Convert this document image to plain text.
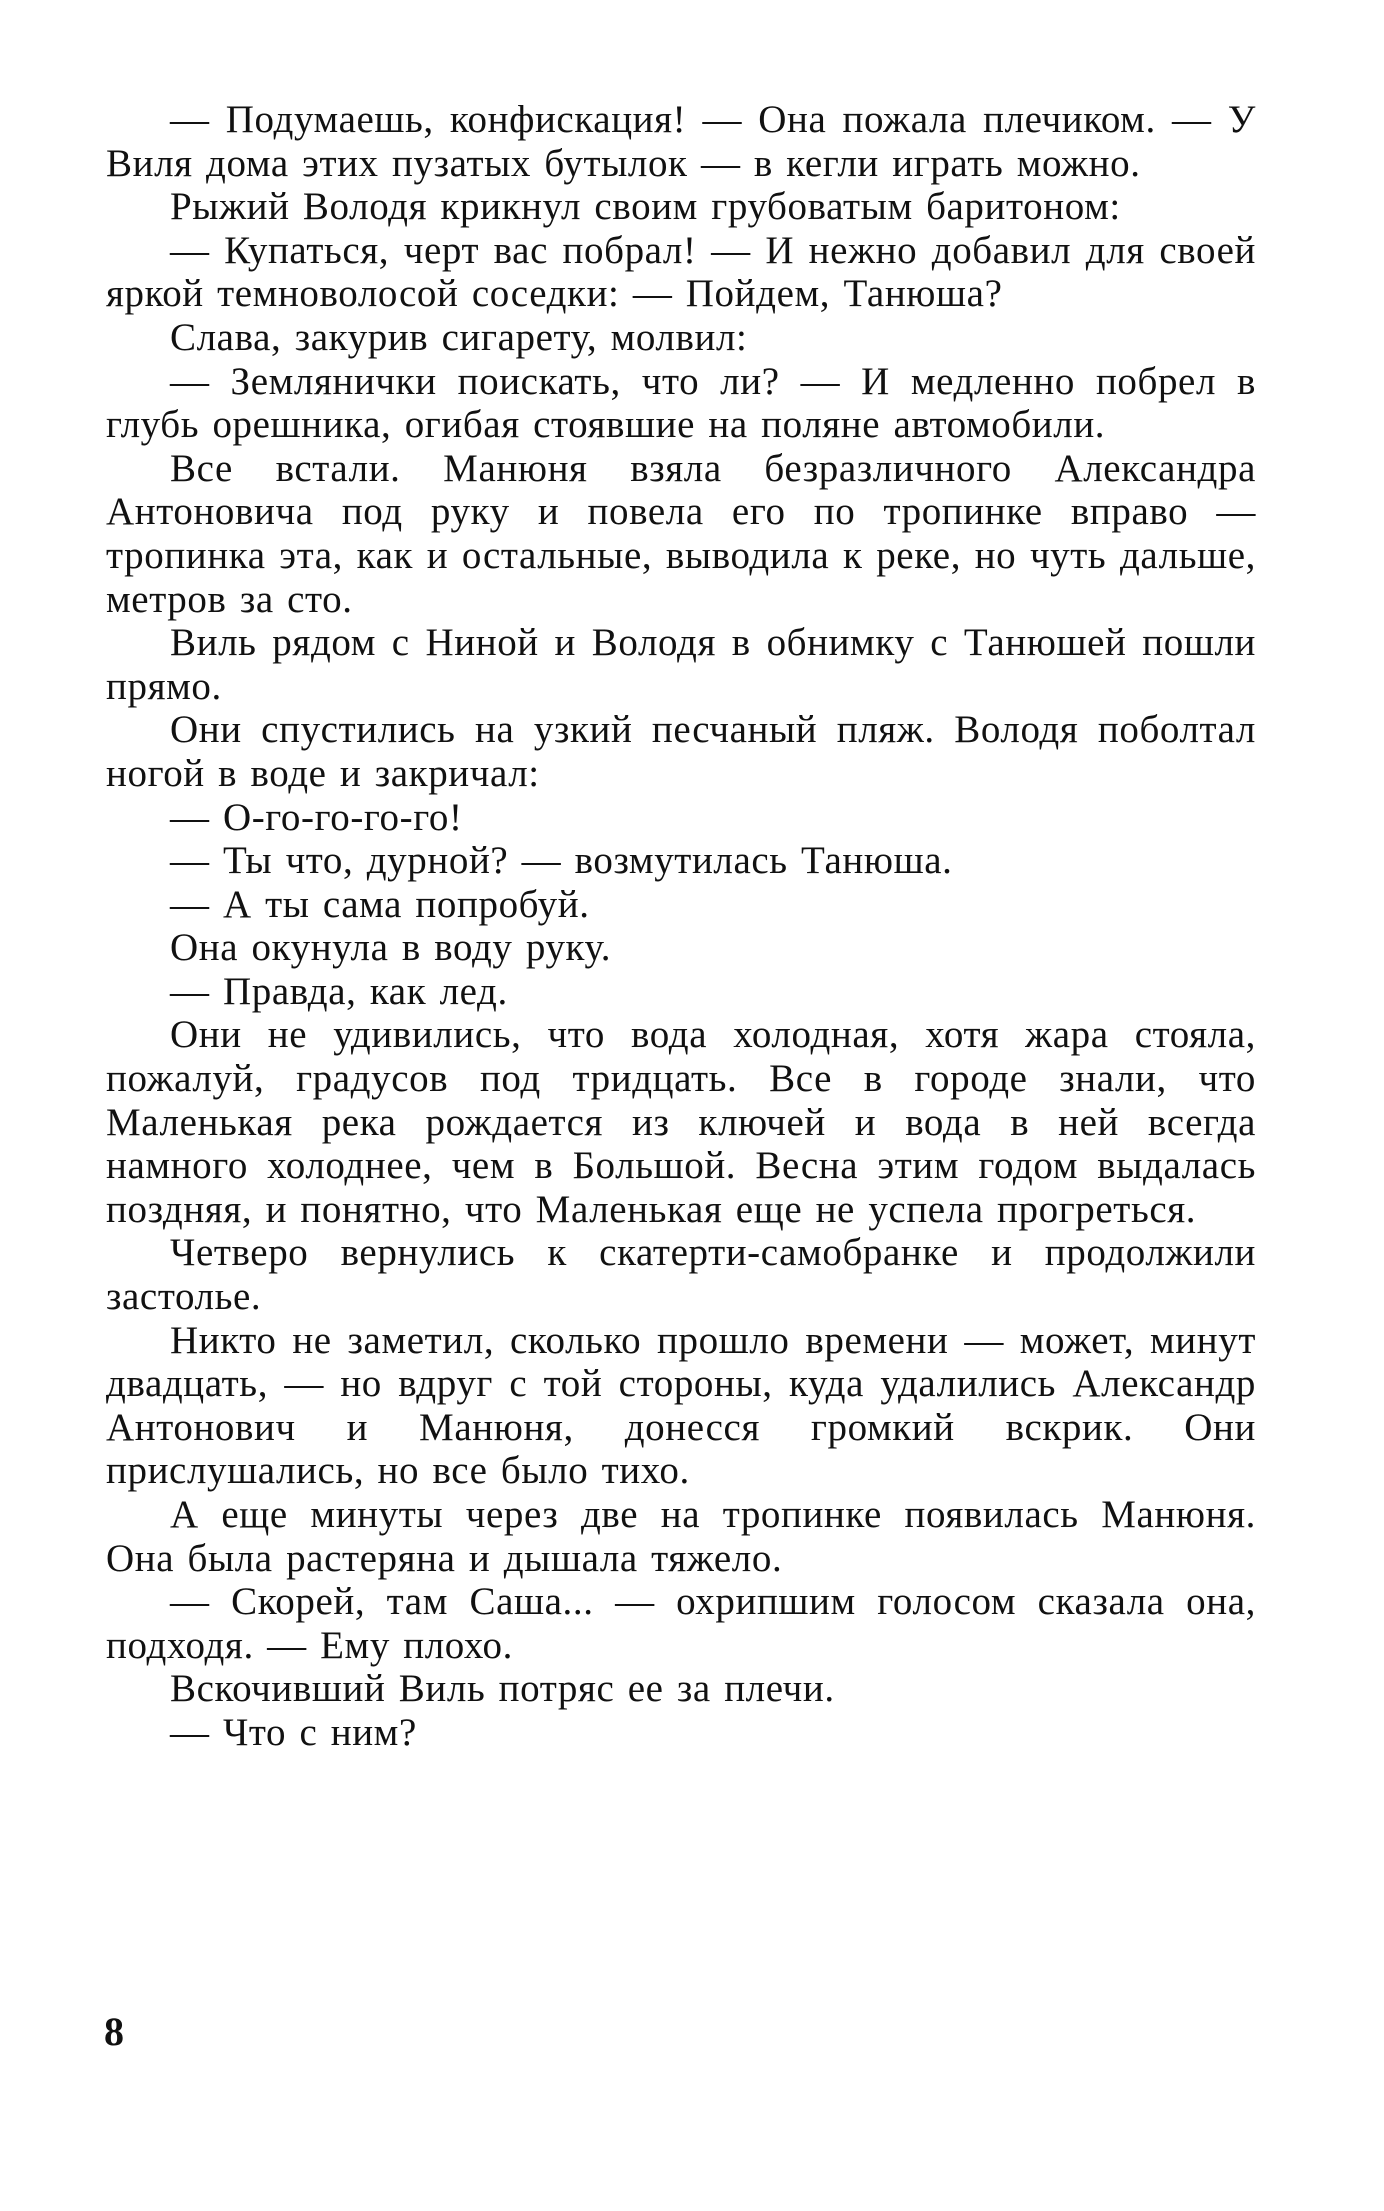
— Подумаешь, конфискация! — Она пожала плечиком. — У Виля дома этих пузатых бутылок — в кегли играть можно.

Рыжий Володя крикнул своим грубоватым баритоном:

— Купаться, черт вас побрал! — И нежно добавил для своей яркой темноволосой соседки: — Пойдем, Танюша?

Слава, закурив сигарету, молвил:

— Землянички поискать, что ли? — И медленно побрел в глубь орешника, огибая стоявшие на поляне автомобили.

Все встали. Манюня взяла безразличного Александра Антоновича под руку и повела его по тропинке вправо — тропинка эта, как и остальные, выводила к реке, но чуть дальше, метров за сто.

Виль рядом с Ниной и Володя в обнимку с Танюшей пошли прямо.

Они спустились на узкий песчаный пляж. Володя поболтал ногой в воде и закричал:

— О-го-го-го-го!

— Ты что, дурной? — возмутилась Танюша.

— А ты сама попробуй.

Она окунула в воду руку.

— Правда, как лед.

Они не удивились, что вода холодная, хотя жара стояла, пожалуй, градусов под тридцать. Все в городе знали, что Маленькая река рождается из ключей и вода в ней всегда намного холоднее, чем в Большой. Весна этим годом выдалась поздняя, и понятно, что Маленькая еще не успела прогреться.

Четверо вернулись к скатерти-самобранке и продолжили застолье.

Никто не заметил, сколько прошло времени — может, минут двадцать, — но вдруг с той стороны, куда удалились Александр Антонович и Манюня, донесся громкий вскрик. Они прислушались, но все было тихо.

А еще минуты через две на тропинке появилась Манюня. Она была растеряна и дышала тяжело.

— Скорей, там Саша... — охрипшим голосом сказала она, подходя. — Ему плохо.

Вскочивший Виль потряс ее за плечи.

— Что с ним?

8
